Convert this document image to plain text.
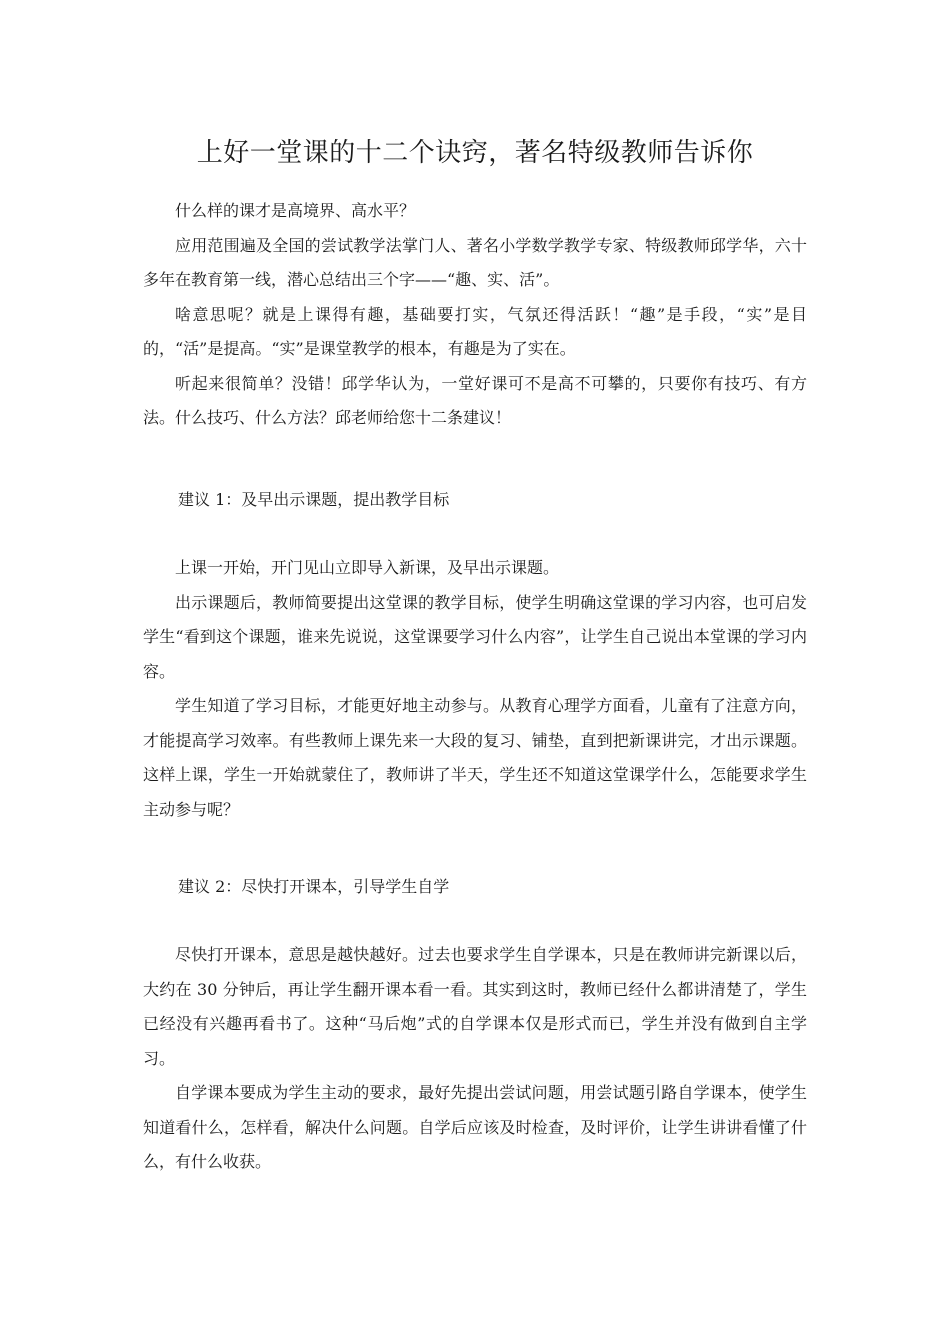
上好一堂课的十二个诀窍，著名特级教师告诉你

什么样的课才是高境界、高水平？

应用范围遍及全国的尝试教学法掌门人、著名小学数学教学专家、特级教师邱学华，六十多年在教育第一线，潜心总结出三个字——“趣、实、活”。

啥意思呢？就是上课得有趣，基础要打实，气氛还得活跃！“趣”是手段，“实”是目的，“活”是提高。“实”是课堂教学的根本，有趣是为了实在。

听起来很简单？没错！邱学华认为，一堂好课可不是高不可攀的，只要你有技巧、有方法。什么技巧、什么方法？邱老师给您十二条建议！

建议 1：及早出示课题，提出教学目标

上课一开始，开门见山立即导入新课，及早出示课题。

出示课题后，教师简要提出这堂课的教学目标，使学生明确这堂课的学习内容，也可启发学生“看到这个课题，谁来先说说，这堂课要学习什么内容”，让学生自己说出本堂课的学习内容。

学生知道了学习目标，才能更好地主动参与。从教育心理学方面看，儿童有了注意方向，才能提高学习效率。有些教师上课先来一大段的复习、铺垫，直到把新课讲完，才出示课题。这样上课，学生一开始就蒙住了，教师讲了半天，学生还不知道这堂课学什么，怎能要求学生主动参与呢？

建议 2：尽快打开课本，引导学生自学

尽快打开课本，意思是越快越好。过去也要求学生自学课本，只是在教师讲完新课以后，大约在 30 分钟后，再让学生翻开课本看一看。其实到这时，教师已经什么都讲清楚了，学生已经没有兴趣再看书了。这种“马后炮”式的自学课本仅是形式而已，学生并没有做到自主学习。

自学课本要成为学生主动的要求，最好先提出尝试问题，用尝试题引路自学课本，使学生知道看什么，怎样看，解决什么问题。自学后应该及时检查，及时评价，让学生讲讲看懂了什么，有什么收获。
